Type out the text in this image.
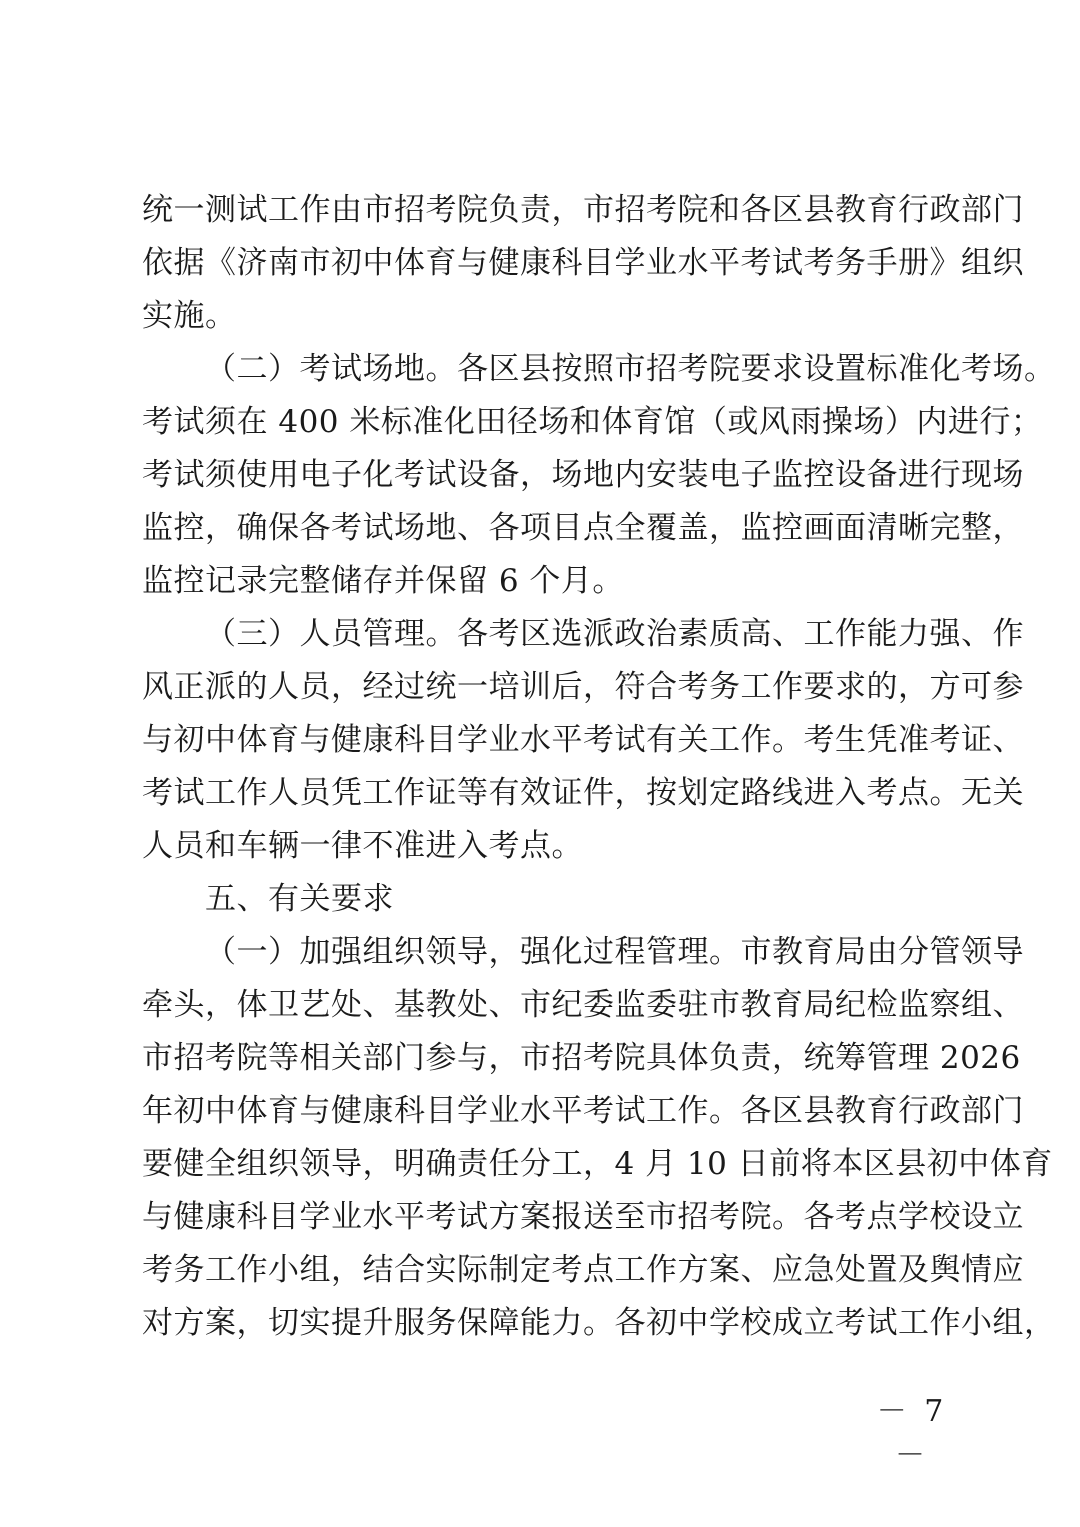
统一测试工作由市招考院负责，市招考院和各区县教育行政部门
依据《济南市初中体育与健康科目学业水平考试考务手册》组织
实施。
（二）考试场地。各区县按照市招考院要求设置标准化考场。
考试须在 400 米标准化田径场和体育馆（或风雨操场）内进行；
考试须使用电子化考试设备，场地内安装电子监控设备进行现场
监控，确保各考试场地、各项目点全覆盖，监控画面清晰完整，
监控记录完整储存并保留 6 个月。
（三）人员管理。各考区选派政治素质高、工作能力强、作
风正派的人员，经过统一培训后，符合考务工作要求的，方可参
与初中体育与健康科目学业水平考试有关工作。考生凭准考证、
考试工作人员凭工作证等有效证件，按划定路线进入考点。无关
人员和车辆一律不准进入考点。
五、有关要求
（一）加强组织领导，强化过程管理。市教育局由分管领导
牵头，体卫艺处、基教处、市纪委监委驻市教育局纪检监察组、
市招考院等相关部门参与，市招考院具体负责，统筹管理 2026
年初中体育与健康科目学业水平考试工作。各区县教育行政部门
要健全组织领导，明确责任分工，4 月 10 日前将本区县初中体育
与健康科目学业水平考试方案报送至市招考院。各考点学校设立
考务工作小组，结合实际制定考点工作方案、应急处置及舆情应
对方案，切实提升服务保障能力。各初中学校成立考试工作小组，
－ 7 －
